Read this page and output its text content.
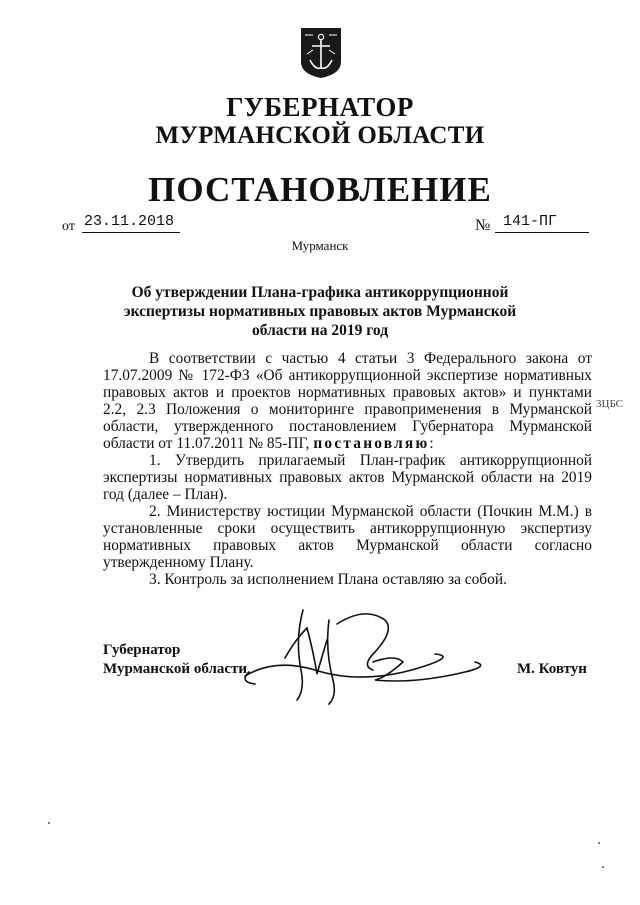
ГУБЕРНАТОР
МУРМАНСКОЙ ОБЛАСТИ
ПОСТАНОВЛЕНИЕ
от 23.11.2018	№ 141-ПГ
Мурманск
Об утверждении Плана-графика антикоррупционной экспертизы нормативных правовых актов Мурманской области на 2019 год

В соответствии с частью 4 статьи 3 Федерального закона от 17.07.2009 № 172-ФЗ «Об антикоррупционной экспертизе нормативных правовых актов и проектов нормативных правовых актов» и пунктами 2.2, 2.3 Положения о мониторинге правоприменения в Мурманской области, утвержденного постановлением Губернатора Мурманской области от 11.07.2011 № 85-ПГ, постановляю:

1. Утвердить прилагаемый План-график антикоррупционной экспертизы нормативных правовых актов Мурманской области на 2019 год (далее – План).

2. Министерству юстиции Мурманской области (Почкин М.М.) в установленные сроки осуществить антикоррупционную экспертизу нормативных правовых актов Мурманской области согласно утвержденному Плану.

3. Контроль за исполнением Плана оставляю за собой.

3ЦБС
Губернатор
Мурманской области	М. Ковтун
